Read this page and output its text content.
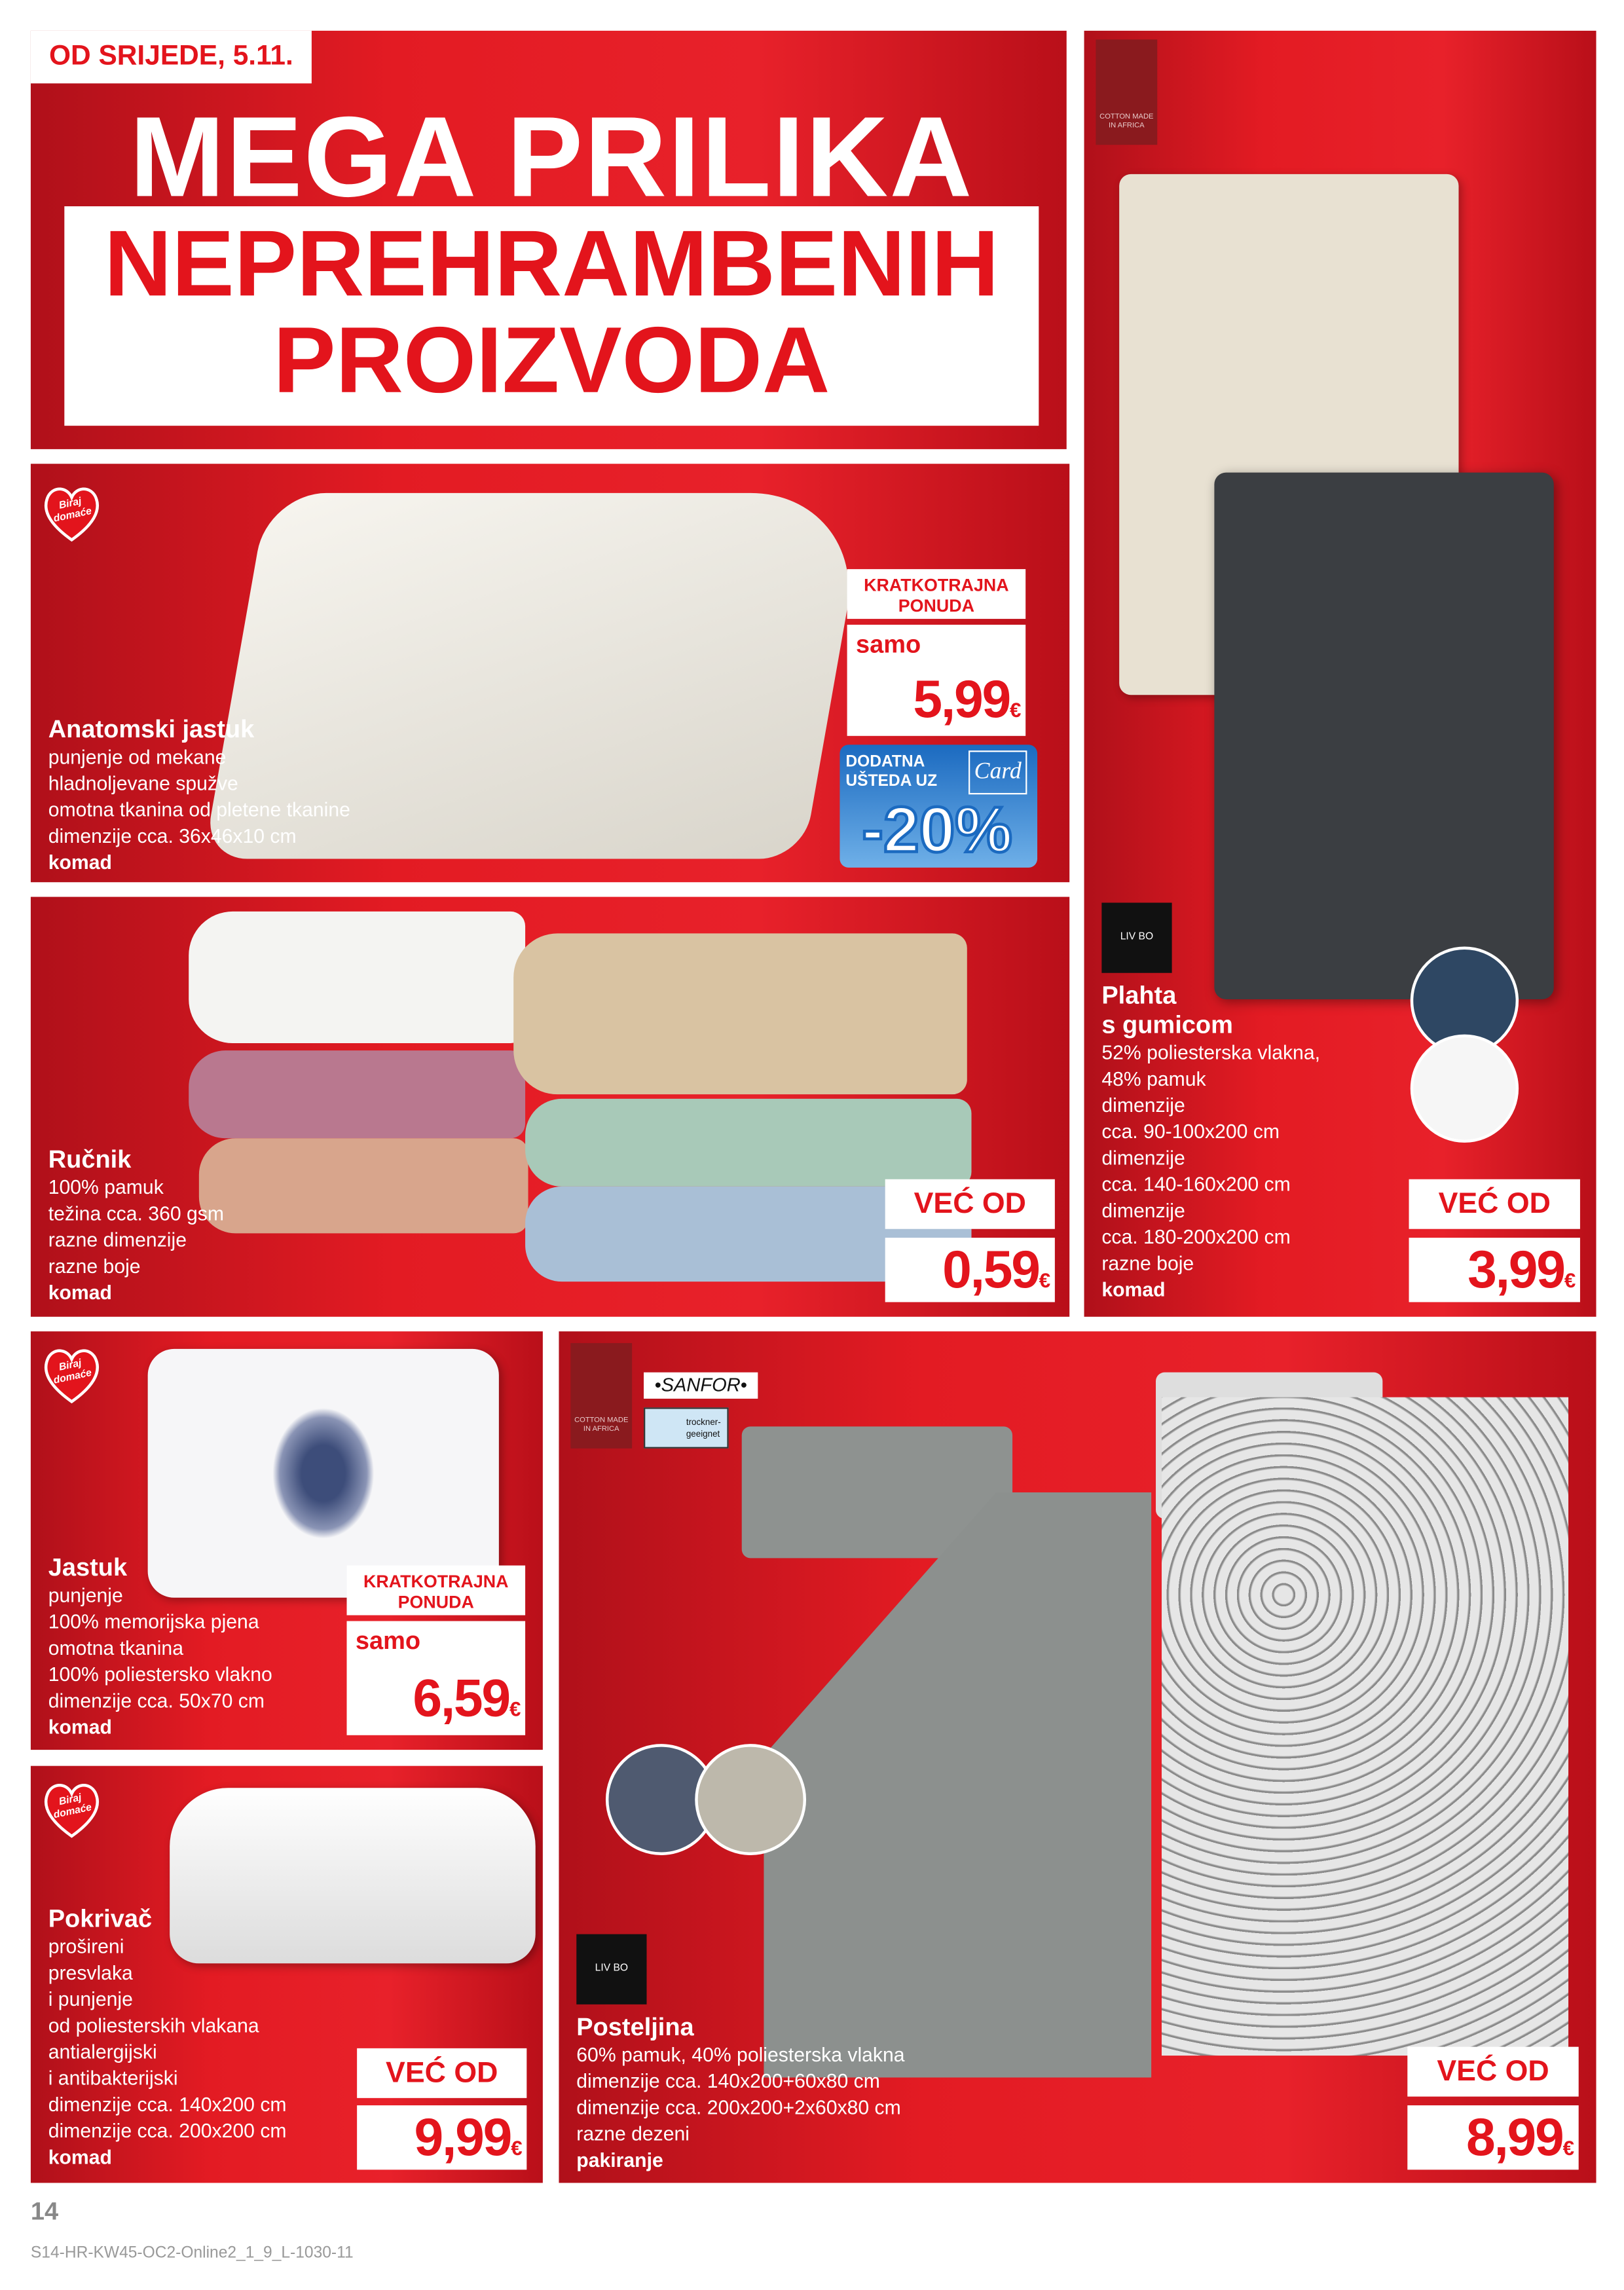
OD SRIJEDE, 5.11.
MEGA PRILIKA
NEPREHRAMBENIH
PROIZVODA
COTTON MADE IN AFRICA
LIV BO
Plahta
s gumicom
52% poliesterska vlakna,
48% pamuk
dimenzije
cca. 90-100x200 cm
dimenzije
cca. 140-160x200 cm
dimenzije
cca. 180-200x200 cm
razne boje
komad
VEĆ OD
3,99€
Biraj domaće
Anatomski jastuk
punjenje od mekane
hladnoljevane spužve
omotna tkanina od pletene tkanine
dimenzije cca. 36x46x10 cm
komad
KRATKOTRAJNA PONUDA
samo
5,99€
DODATNA UŠTEDA UZ	Card
-20%
Ručnik
100% pamuk
težina cca. 360 gsm
razne dimenzije
razne boje
komad
VEĆ OD
0,59€
Biraj domaće
Jastuk
punjenje
100% memorijska pjena
omotna tkanina
100% poliestersko vlakno
dimenzije cca. 50x70 cm
komad
KRATKOTRAJNA PONUDA
samo
6,59€
Biraj domaće
Pokrivač
prošireni
presvlaka
i punjenje
od poliesterskih vlakana
antialergijski
i antibakterijski
dimenzije cca. 140x200 cm
dimenzije cca. 200x200 cm
komad
VEĆ OD
9,99€
COTTON MADE IN AFRICA
•SANFOR•
trockner-geeignet
LIV BO
Posteljina
60% pamuk, 40% poliesterska vlakna
dimenzije cca. 140x200+60x80 cm
dimenzije cca. 200x200+2x60x80 cm
razne dezeni
pakiranje
VEĆ OD
8,99€
14
S14-HR-KW45-OC2-Online2_1_9_L-1030-11
